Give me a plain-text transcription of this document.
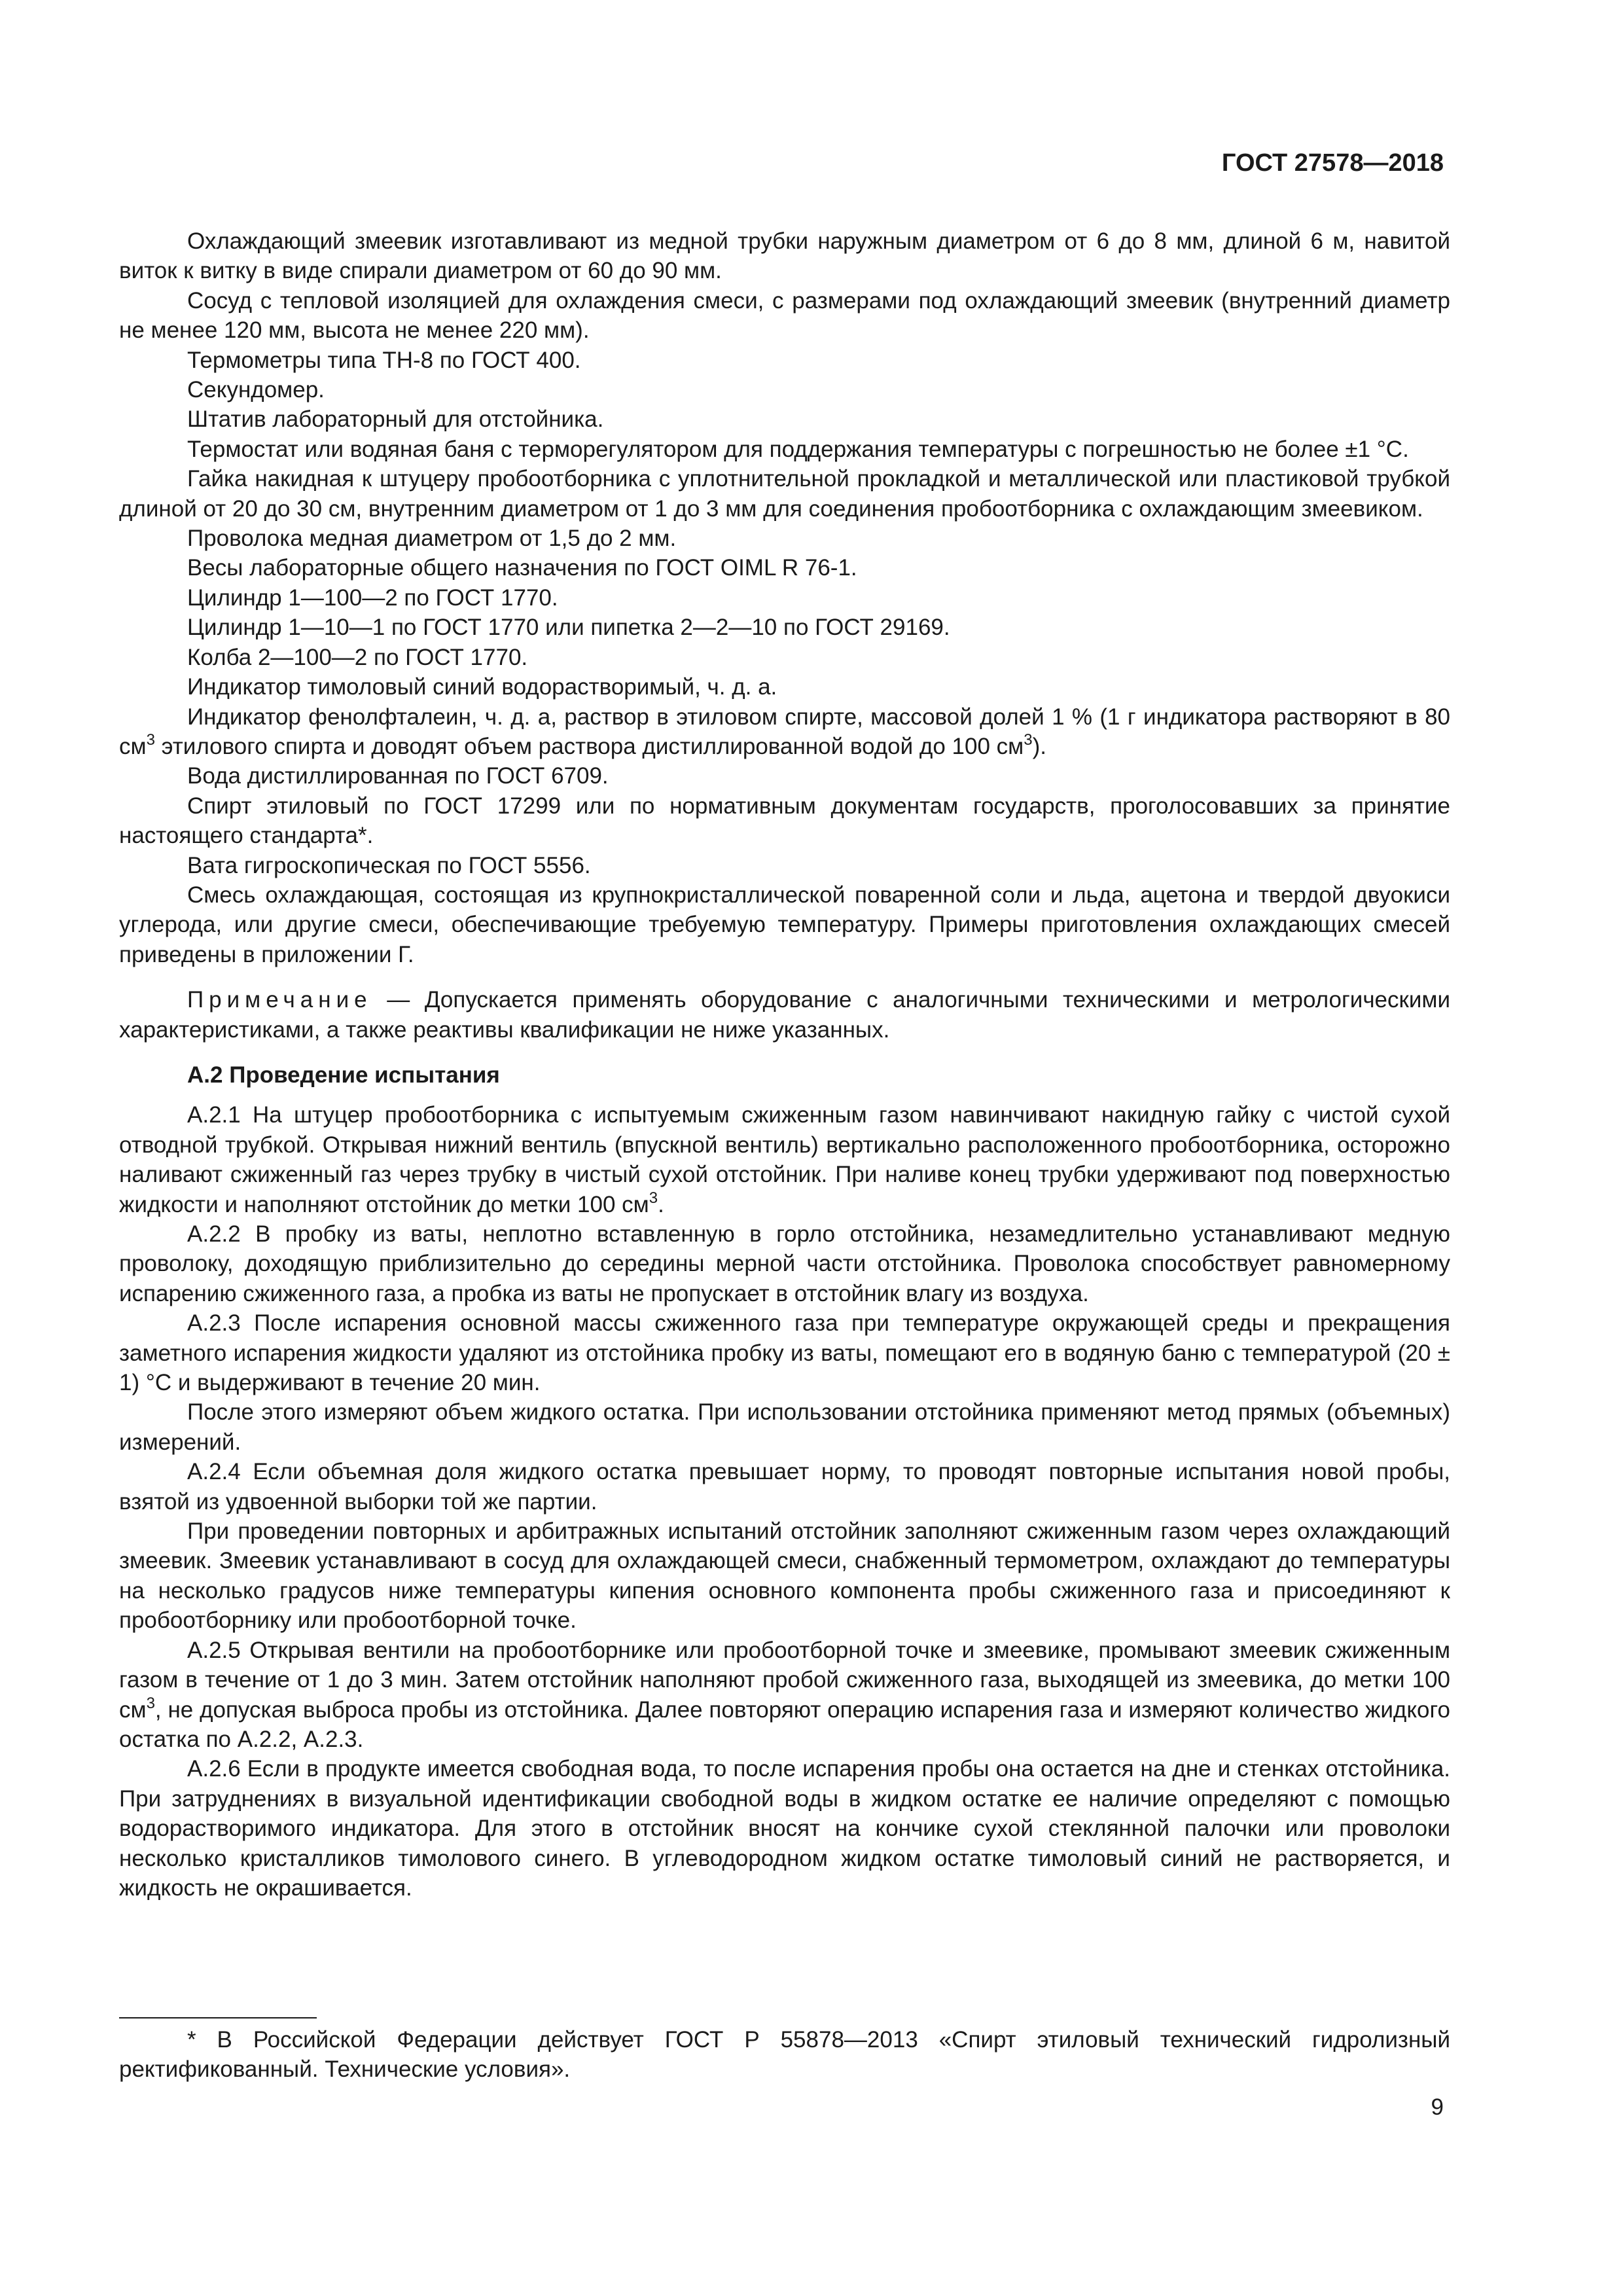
ГОСТ 27578—2018

Охлаждающий змеевик изготавливают из медной трубки наружным диаметром от 6 до 8 мм, длиной 6 м, навитой виток к витку в виде спирали диаметром от 60 до 90 мм.

Сосуд с тепловой изоляцией для охлаждения смеси, с размерами под охлаждающий змеевик (внутренний диаметр не менее 120 мм, высота не менее 220 мм).

Термометры типа ТН-8 по ГОСТ 400.

Секундомер.

Штатив лабораторный для отстойника.

Термостат или водяная баня с терморегулятором для поддержания температуры с погрешностью не более ±1 °С.

Гайка накидная к штуцеру пробоотборника с уплотнительной прокладкой и металлической или пластиковой трубкой длиной от 20 до 30 см, внутренним диаметром от 1 до 3 мм для соединения пробоотборника с охлаждающим змеевиком.

Проволока медная диаметром от 1,5 до 2 мм.

Весы лабораторные общего назначения по ГОСТ OIML R 76-1.

Цилиндр 1—100—2 по ГОСТ 1770.

Цилиндр 1—10—1 по ГОСТ 1770 или пипетка 2—2—10 по ГОСТ 29169.

Колба 2—100—2 по ГОСТ 1770.

Индикатор тимоловый синий водорастворимый, ч. д. а.

Индикатор фенолфталеин, ч. д. а, раствор в этиловом спирте, массовой долей 1 % (1 г индикатора растворяют в 80 $см^3$ этилового спирта и доводят объем раствора дистиллированной водой до 100 $см^3$).

Вода дистиллированная по ГОСТ 6709.

Спирт этиловый по ГОСТ 17299 или по нормативным документам государств, проголосовавших за принятие настоящего стандарта*.

Вата гигроскопическая по ГОСТ 5556.

Смесь охлаждающая, состоящая из крупнокристаллической поваренной соли и льда, ацетона и твердой двуокиси углерода, или другие смеси, обеспечивающие требуемую температуру. Примеры приготовления охлаждающих смесей приведены в приложении Г.

Примечание — Допускается применять оборудование с аналогичными техническими и метрологическими характеристиками, а также реактивы квалификации не ниже указанных.

А.2 Проведение испытания

А.2.1 На штуцер пробоотборника с испытуемым сжиженным газом навинчивают накидную гайку с чистой сухой отводной трубкой. Открывая нижний вентиль (впускной вентиль) вертикально расположенного пробоотборника, осторожно наливают сжиженный газ через трубку в чистый сухой отстойник. При наливе конец трубки удерживают под поверхностью жидкости и наполняют отстойник до метки 100 $см^3$.

А.2.2 В пробку из ваты, неплотно вставленную в горло отстойника, незамедлительно устанавливают медную проволоку, доходящую приблизительно до середины мерной части отстойника. Проволока способствует равномерному испарению сжиженного газа, а пробка из ваты не пропускает в отстойник влагу из воздуха.

А.2.3 После испарения основной массы сжиженного газа при температуре окружающей среды и прекращения заметного испарения жидкости удаляют из отстойника пробку из ваты, помещают его в водяную баню с температурой (20 ± 1) °С и выдерживают в течение 20 мин.

После этого измеряют объем жидкого остатка. При использовании отстойника применяют метод прямых (объемных) измерений.

А.2.4 Если объемная доля жидкого остатка превышает норму, то проводят повторные испытания новой пробы, взятой из удвоенной выборки той же партии.

При проведении повторных и арбитражных испытаний отстойник заполняют сжиженным газом через охлаждающий змеевик. Змеевик устанавливают в сосуд для охлаждающей смеси, снабженный термометром, охлаждают до температуры на несколько градусов ниже температуры кипения основного компонента пробы сжиженного газа и присоединяют к пробоотборнику или пробоотборной точке.

А.2.5 Открывая вентили на пробоотборнике или пробоотборной точке и змеевике, промывают змеевик сжиженным газом в течение от 1 до 3 мин. Затем отстойник наполняют пробой сжиженного газа, выходящей из змеевика, до метки 100 $см^3$, не допуская выброса пробы из отстойника. Далее повторяют операцию испарения газа и измеряют количество жидкого остатка по А.2.2, А.2.3.

А.2.6 Если в продукте имеется свободная вода, то после испарения пробы она остается на дне и стенках отстойника. При затруднениях в визуальной идентификации свободной воды в жидком остатке ее наличие определяют с помощью водорастворимого индикатора. Для этого в отстойник вносят на кончике сухой стеклянной палочки или проволоки несколько кристалликов тимолового синего. В углеводородном жидком остатке тимоловый синий не растворяется, и жидкость не окрашивается.

* В Российской Федерации действует ГОСТ Р 55878—2013 «Спирт этиловый технический гидролизный ректификованный. Технические условия».

9
